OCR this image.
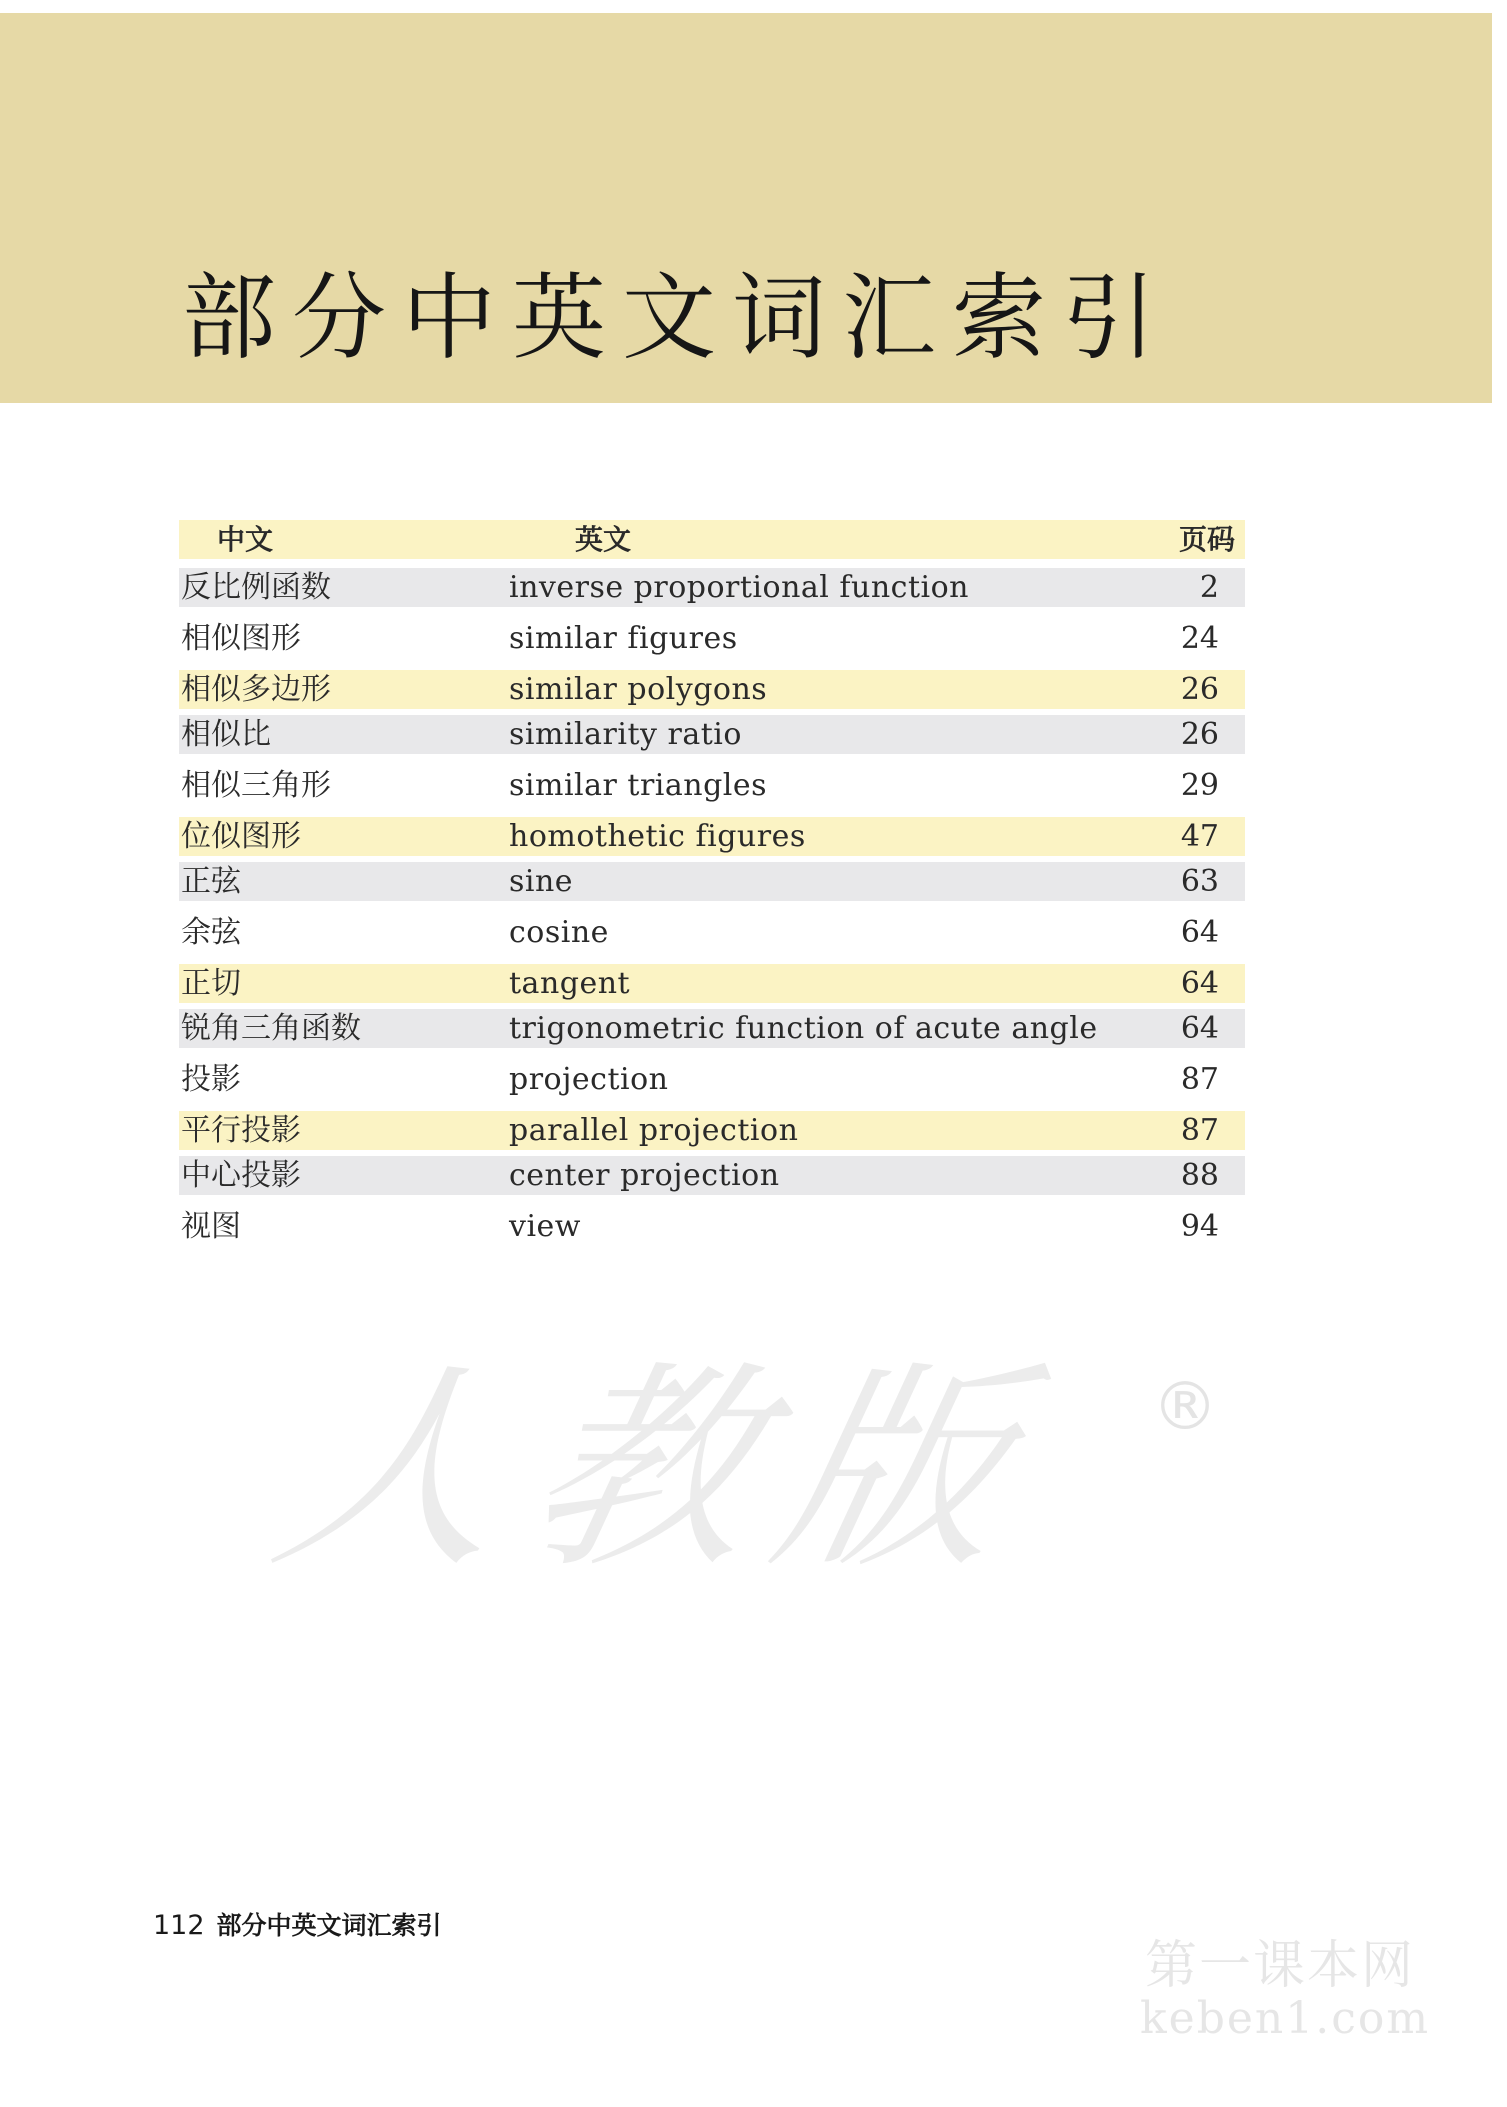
部分中英文词汇索引
中文	英文	页码
反比例函数	inverse proportional function	2
相似图形	similar figures	24
相似多边形	similar polygons	26
相似比	similarity ratio	26
相似三角形	similar triangles	29
位似图形	homothetic figures	47
正弦	sine	63
余弦	cosine	64
正切	tangent	64
锐角三角函数	trigonometric function of acute angle	64
投影	projection	87
平行投影	parallel projection	87
中心投影	center projection	88
视图	view	94
人教版	®
112 部分中英文词汇索引
第一课本网
keben1.com
